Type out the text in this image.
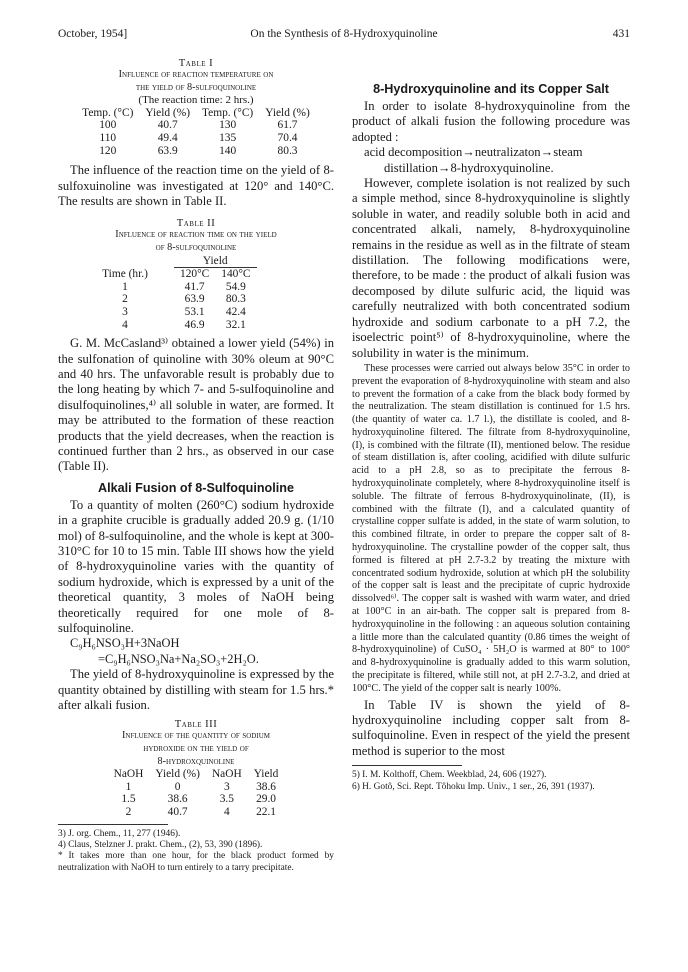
October, 1954]	On the Synthesis of 8-Hydroxyquinoline	431
Table I
Influence of reaction temperature on
the yield of 8-sulfoquinoline
(The reaction time: 2 hrs.)
Temp. (°C)	Yield (%)	Temp. (°C)	Yield (%)
100	40.7	130	61.7
110	49.4	135	70.4
120	63.9	140	80.3

The influence of the reaction time on the yield of 8-sulfoxuinoline was investigated at 120° and 140°C. The results are shown in Table II.

Table II
Influence of reaction time on the yield
of 8-sulfoquinoline
	Yield	
Time (hr.)	120°C	140°C
1	41.7	54.9
2	63.9	80.3
3	53.1	42.4
4	46.9	32.1

G. M. McCasland³⁾ obtained a lower yield (54%) in the sulfonation of quinoline with 30% oleum at 90°C and 40 hrs. The unfavorable result is probably due to the long heating by which 7- and 5-sulfoquinoline and disulfoquinolines,⁴⁾ all soluble in water, are formed. It may be attributed to the formation of these reaction products that the yield decreases, when the reaction is continued further than 2 hrs., as observed in our case (Table II).

Alkali Fusion of 8-Sulfoquinoline

To a quantity of molten (260°C) sodium hydroxide in a graphite crucible is gradually added 20.9 g. (1/10 mol) of 8-sulfoquinoline, and the whole is kept at 300-310°C for 10 to 15 min. Table III shows how the yield of 8-hydroxyquinoline varies with the quantity of sodium hydroxide, which is expressed by a unit of the theoretical quantity, 3 moles of NaOH being theoretically required for one mole of 8-sulfoquinoline.

C₉H₆NSO₃H+3NaOH
=C₉H₆NSO₃Na+Na₂SO₃+2H₂O.

The yield of 8-hydroxyquinoline is expressed by the quantity obtained by distilling with steam for 1.5 hrs.* after alkali fusion.

Table III
Influence of the quantity of sodium
hydroxide on the yield of
8-hydroxquinoline
NaOH	Yield (%)	NaOH	Yield
1	0	3	38.6
1.5	38.6	3.5	29.0
2	40.7	4	22.1

3) J. org. Chem., 11, 277 (1946).

4) Claus, Stelzner J. prakt. Chem., (2), 53, 390 (1896).

* It takes more than one hour, for the black product formed by neutralization with NaOH to turn entirely to a tarry precipitate.

8-Hydroxyquinoline and its Copper Salt

In order to isolate 8-hydroxyquinoline from the product of alkali fusion the following procedure was adopted :

acid decomposition→neutralizaton→steam
distillation→8-hydroxyquinoline.

However, complete isolation is not realized by such a simple method, since 8-hydroxyquinoline is slightly soluble in water, and readily soluble both in acid and concentrated alkali, namely, 8-hydroxyquinoline remains in the residue as well as in the filtrate of steam distillation. The following modifications were, therefore, to be made : the product of alkali fusion was decomposed by dilute sulfuric acid, the liquid was carefully neutralized with both concentrated sodium hydroxide and sodium carbonate to a pH 7.2, the isoelectric point⁵⁾ of 8-hydroxyquinoline, where the solubility in water is the minimum.

These processes were carried out always below 35°C in order to prevent the evaporation of 8-hydroxyquinoline with steam and also to prevent the formation of a cake from the black body formed by the neutralization. The steam distillation is continued for 1.5 hrs. (the quantity of water ca. 1.7 l.), the distillate is cooled, and 8-hydroxyquinoline filtered. The filtrate from 8-hydroxyquinoline, (I), is combined with the filtrate (II), mentioned below. The residue of steam distillation is, after cooling, acidified with dilute sulfuric acid to a pH 2.8, so as to precipitate the ferrous 8-hydroxyquinolinate completely, where 8-hydroxyquinoline itself is soluble. The filtrate of ferrous 8-hydroxyquinolinate, (II), is combined with the filtrate (I), and a calculated quantity of crystalline copper sulfate is added, in the state of warm solution, to this combined filtrate, in order to prepare the copper salt of 8-hydroxyquinoline. The crystalline powder of the copper salt, thus formed is filtered at pH 2.7-3.2 by treating the mixture with concentrated sodium hydroxide, solution at which pH the solubility of the copper salt is least and the precipitate of cupric hydroxide dissolved⁶⁾. The copper salt is washed with warm water, and dried at 100°C in an air-bath. The copper salt is prepared from 8-hydroxyquinoline in the following : an aqueous solution containing a little more than the calculated quantity (0.86 times the weight of 8-hydroxyquinoline) of CuSO₄ · 5H₂O is warmed at 80° to 100° and 8-hydroxyquinoline is gradually added to this warm solution, the precipitate is filtered, while still not, at pH 2.7-3.2, and dried at 100°C. The yield of the copper salt is nearly 100%.

In Table IV is shown the yield of 8-hydroxyquinoline including copper salt from 8-sulfoquinoline. Even in respect of the yield the present method is superior to the most

5) I. M. Kolthoff, Chem. Weekblad, 24, 606 (1927).

6) H. Gotô, Sci. Rept. Tôhoku Imp. Univ., 1 ser., 26, 391 (1937).
